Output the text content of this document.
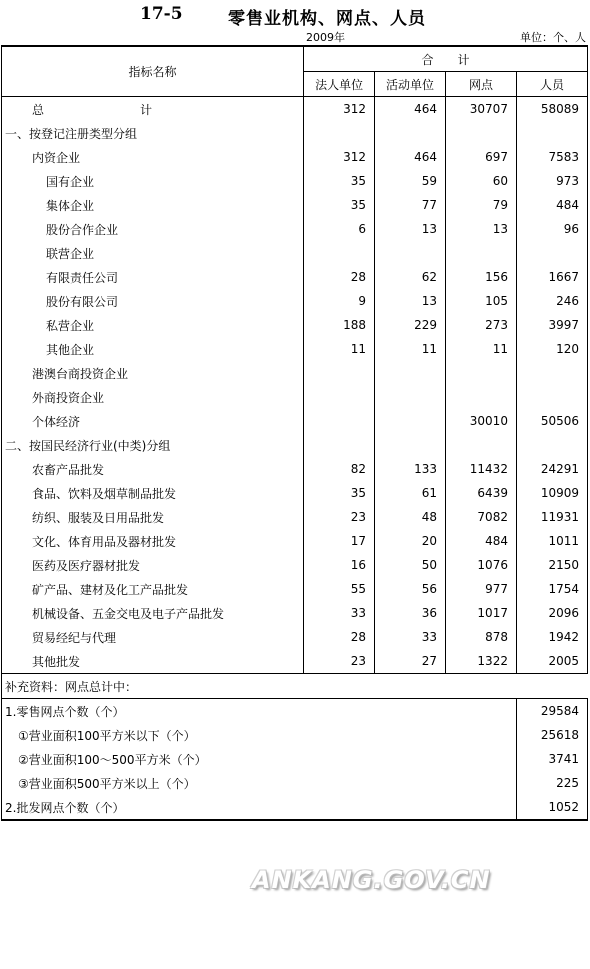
17-5	零售业机构、网点、人员
2009年	单位：个、人
指标名称	合　　计			
	法人单位	活动单位	网点	人员
总　　计	312	464	30707	58089
一、按登记注册类型分组				
内资企业	312	464	697	7583
国有企业	35	59	60	973
集体企业	35	77	79	484
股份合作企业	6	13	13	96
联营企业				
有限责任公司	28	62	156	1667
股份有限公司	9	13	105	246
私营企业	188	229	273	3997
其他企业	11	11	11	120
港澳台商投资企业				
外商投资企业				
个体经济			30010	50506
二、按国民经济行业(中类)分组				
农畜产品批发	82	133	11432	24291
食品、饮料及烟草制品批发	35	61	6439	10909
纺织、服装及日用品批发	23	48	7082	11931
文化、体育用品及器材批发	17	20	484	1011
医药及医疗器材批发	16	50	1076	2150
矿产品、建材及化工产品批发	55	56	977	1754
机械设备、五金交电及电子产品批发	33	36	1017	2096
贸易经纪与代理	28	33	878	1942
其他批发	23	27	1322	2005
补充资料：网点总计中：				
1.零售网点个数（个）				29584
①营业面积100平方米以下（个）				25618
②营业面积100～500平方米（个）				3741
③营业面积500平方米以上（个）				225
2.批发网点个数（个）				1052
ANKANG.GOV.CN
